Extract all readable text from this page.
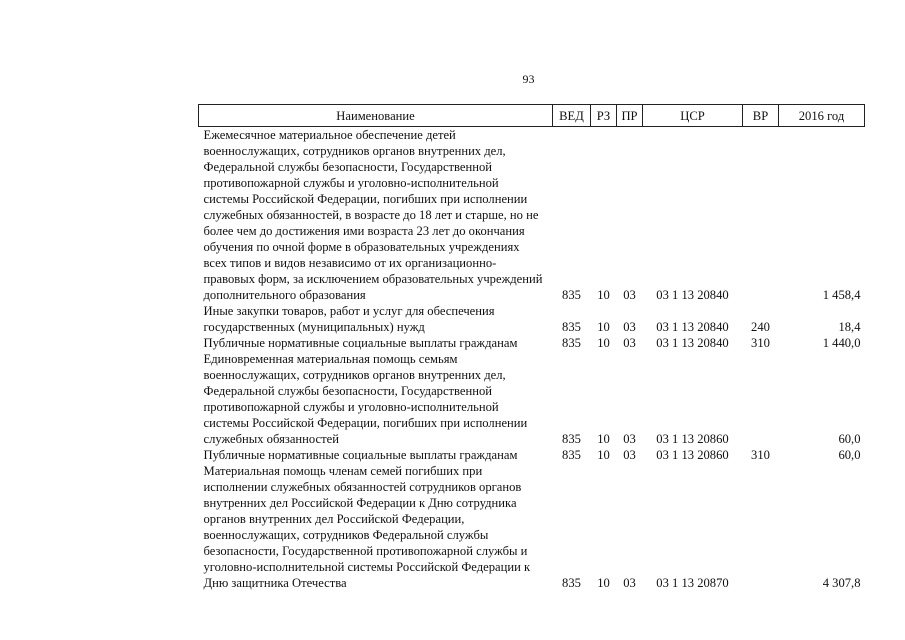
93
Наименование	ВЕД	РЗ	ПР	ЦСР	ВР	2016 год
Ежемесячное материальное обеспечение детей военнослужащих, сотрудников органов внутренних дел, Федеральной службы безопасности, Государственной противопожарной службы и уголовно-исполнительной системы Российской Федерации, погибших при исполнении служебных обязанностей, в возрасте до 18 лет и старше, но не более чем до достижения ими возраста 23 лет до окончания обучения по очной форме в образовательных учреждениях всех типов и видов независимо от их организационно-правовых форм, за исключением образовательных учреждений дополнительного образования	835	10	03	03 1 13 20840		1 458,4
Иные закупки товаров, работ и услуг для обеспечения государственных (муниципальных) нужд	835	10	03	03 1 13 20840	240	18,4
Публичные нормативные социальные выплаты гражданам	835	10	03	03 1 13 20840	310	1 440,0
Единовременная материальная помощь семьям военнослужащих, сотрудников органов внутренних дел, Федеральной службы безопасности, Государственной противопожарной службы и уголовно-исполнительной системы Российской Федерации, погибших при исполнении служебных обязанностей	835	10	03	03 1 13 20860		60,0
Публичные нормативные социальные выплаты гражданам	835	10	03	03 1 13 20860	310	60,0
Материальная помощь членам семей погибших при исполнении служебных обязанностей сотрудников органов внутренних дел Российской Федерации к Дню сотрудника органов внутренних дел Российской Федерации, военнослужащих, сотрудников Федеральной службы безопасности, Государственной противопожарной службы и уголовно-исполнительной системы Российской Федерации к Дню защитника Отечества	835	10	03	03 1 13 20870		4 307,8
